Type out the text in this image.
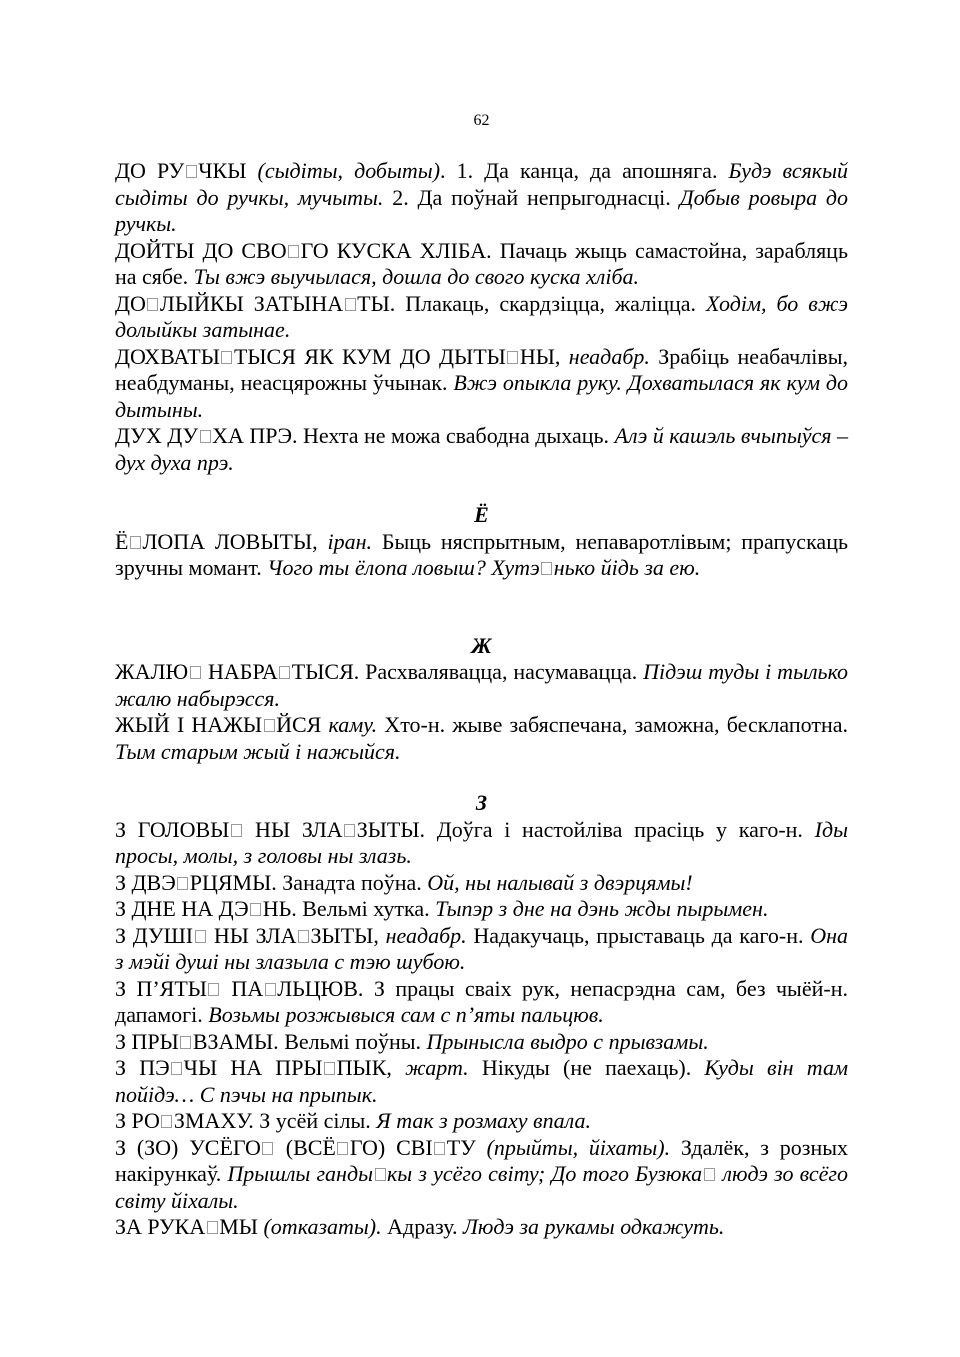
62

ДО РУ ЧКЫ (сыдіты, добыты). 1. Да канца, да апошняга. Будэ всякый сыдіты до ручкы, мучыты. 2. Да поўнай непрыгоднасці. Добыв ровыра до ручкы.

ДОЙТЫ ДО СВО ГО КУСКА ХЛІБА. Пачаць жыць самастойна, зарабляць на сябе. Ты вжэ выучылася, дошла до свого куска хліба.

ДО ЛЫЙКЫ ЗАТЫНА ТЫ. Плакаць, скардзіцца, жаліцца. Ходім, бо вжэ долыйкы затынае.

ДОХВАТЫ ТЫСЯ ЯК КУМ ДО ДЫТЫ НЫ, неадабр. Зрабіць неабачлівы, неабдуманы, неасцярожны ўчынак. Вжэ опыкла руку. Дохватылася як кум до дытыны.

ДУХ ДУ ХА ПРЭ. Нехта не можа свабодна дыхаць. Алэ й кашэль вчыпыўся – дух духа прэ.

Ё

Ё ЛОПА ЛОВЫТЫ, іран. Быць няспрытным, непаваротлівым; прапускаць зручны момант. Чого ты ёлопа ловыш? Хутэ нько йідь за ею.

Ж

ЖАЛЮ НАБРА ТЫСЯ. Расхвалявацца, насумавацца. Підэш туды і тылько жалю набырэсся.

ЖЫЙ І НАЖЫ ЙСЯ каму. Хто-н. жыве забяспечана, заможна, бесклапотна. Тым старым жый і нажыйся.

З

З ГОЛОВЫ НЫ ЗЛА ЗЫТЫ. Доўга і настойліва прасіць у каго-н. Іды просы, молы, з головы ны злазь.

З ДВЭ РЦЯМЫ. Занадта поўна. Ой, ны налывай з двэрцямы!

З ДНЕ НА ДЭ НЬ. Вельмі хутка. Тыпэр з дне на дэнь жды пырымен.

З ДУШІ НЫ ЗЛА ЗЫТЫ, неадабр. Надакучаць, прыставаць да каго-н. Она з мэйі душі ны злазыла с тэю шубою.

З П’ЯТЫ ПА ЛЬЦЮВ. З працы сваіх рук, непасрэдна сам, без чыёй-н. дапамогі. Возьмы розжывыся сам с п’яты пальцюв.

З ПРЫ ВЗАМЫ. Вельмі поўны. Прынысла выдро с прывзамы.

З ПЭ ЧЫ НА ПРЫ ПЫК, жарт. Нікуды (не паехаць). Куды він там пойідэ… С пэчы на прыпык.

З РО ЗМАХУ. З усёй сілы. Я так з розмаху впала.

З (ЗО) УСЁГО (ВСЁ ГО) СВІ ТУ (прыйты, йіхаты). Здалёк, з розных накірункаў. Прышлы ганды кы з усёго світу; До того Бузюка людэ зо всёго світу йіхалы.

ЗА РУКА МЫ (отказаты). Адразу. Людэ за рукамы одкажуть.
